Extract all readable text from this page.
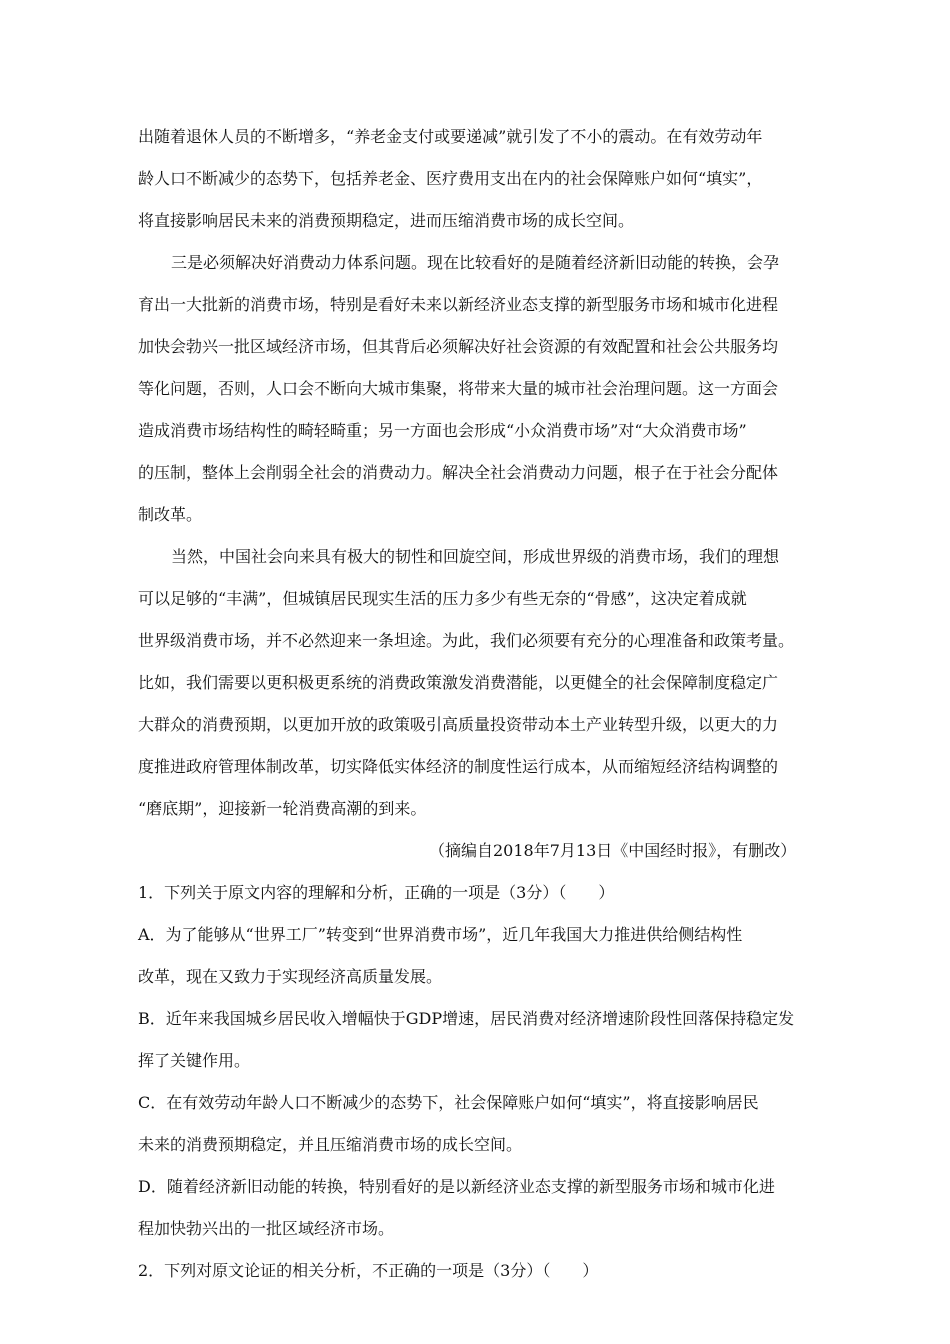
出随着退休人员的不断增多，“养老金支付或要递减”就引发了不小的震动。在有效劳动年
龄人口不断减少的态势下，包括养老金、医疗费用支出在内的社会保障账户如何“填实”，
将直接影响居民未来的消费预期稳定，进而压缩消费市场的成长空间。
三是必须解决好消费动力体系问题。现在比较看好的是随着经济新旧动能的转换，会孕
育出一大批新的消费市场，特别是看好未来以新经济业态支撑的新型服务市场和城市化进程
加快会勃兴一批区域经济市场，但其背后必须解决好社会资源的有效配置和社会公共服务均
等化问题，否则，人口会不断向大城市集聚，将带来大量的城市社会治理问题。这一方面会
造成消费市场结构性的畸轻畸重；另一方面也会形成“小众消费市场”对“大众消费市场”
的压制，整体上会削弱全社会的消费动力。解决全社会消费动力问题，根子在于社会分配体
制改革。
当然，中国社会向来具有极大的韧性和回旋空间，形成世界级的消费市场，我们的理想
可以足够的“丰满”，但城镇居民现实生活的压力多少有些无奈的“骨感”，这决定着成就
世界级消费市场，并不必然迎来一条坦途。为此，我们必须要有充分的心理准备和政策考量。
比如，我们需要以更积极更系统的消费政策激发消费潜能，以更健全的社会保障制度稳定广
大群众的消费预期，以更加开放的政策吸引高质量投资带动本土产业转型升级，以更大的力
度推进政府管理体制改革，切实降低实体经济的制度性运行成本，从而缩短经济结构调整的
“磨底期”，迎接新一轮消费高潮的到来。
（摘编自2018年7月13日《中国经时报》，有删改）
1．下列关于原文内容的理解和分析，正确的一项是（3分）（　　）
A．为了能够从“世界工厂”转变到“世界消费市场”，近几年我国大力推进供给侧结构性
改革，现在又致力于实现经济高质量发展。
B．近年来我国城乡居民收入增幅快于GDP增速，居民消费对经济增速阶段性回落保持稳定发
挥了关键作用。
C．在有效劳动年龄人口不断减少的态势下，社会保障账户如何“填实”，将直接影响居民
未来的消费预期稳定，并且压缩消费市场的成长空间。
D．随着经济新旧动能的转换，特别看好的是以新经济业态支撑的新型服务市场和城市化进
程加快勃兴出的一批区域经济市场。
2．下列对原文论证的相关分析，不正确的一项是（3分）（　　）
